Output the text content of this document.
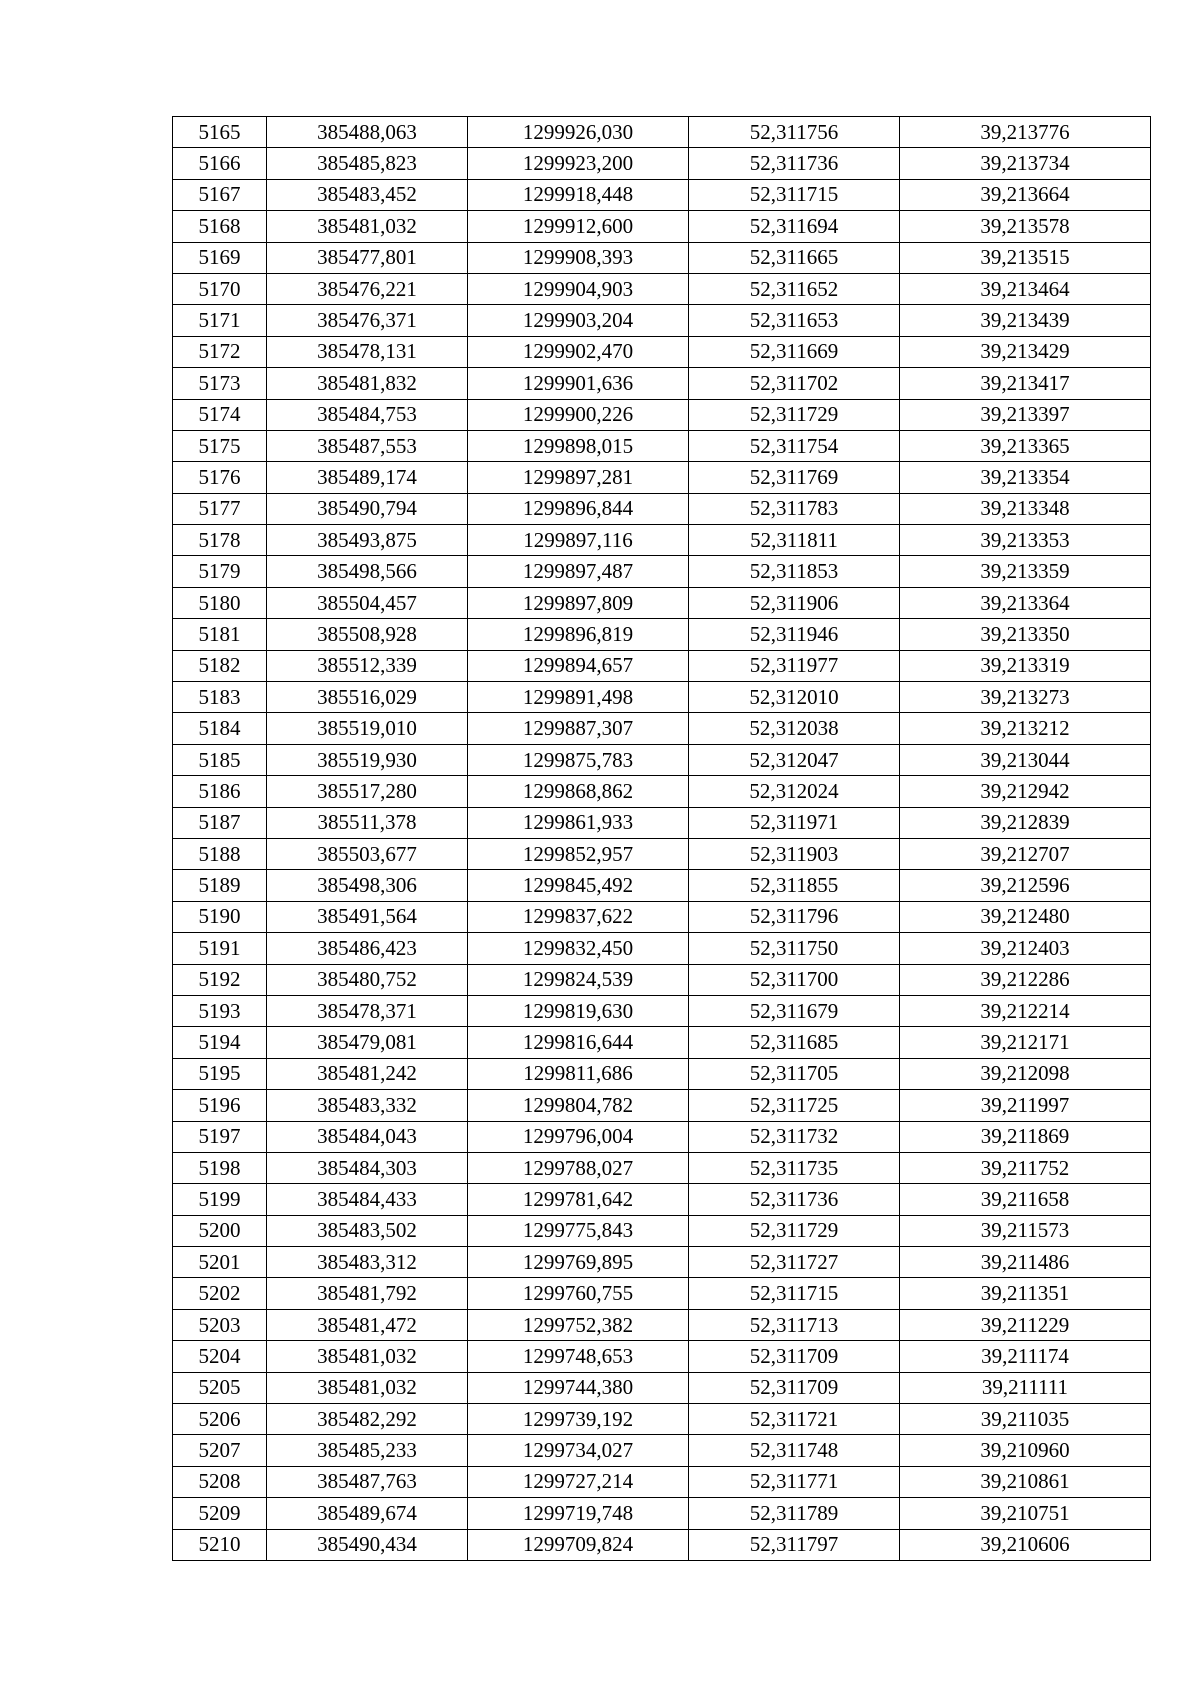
5165	385488,063	1299926,030	52,311756	39,213776
5166	385485,823	1299923,200	52,311736	39,213734
5167	385483,452	1299918,448	52,311715	39,213664
5168	385481,032	1299912,600	52,311694	39,213578
5169	385477,801	1299908,393	52,311665	39,213515
5170	385476,221	1299904,903	52,311652	39,213464
5171	385476,371	1299903,204	52,311653	39,213439
5172	385478,131	1299902,470	52,311669	39,213429
5173	385481,832	1299901,636	52,311702	39,213417
5174	385484,753	1299900,226	52,311729	39,213397
5175	385487,553	1299898,015	52,311754	39,213365
5176	385489,174	1299897,281	52,311769	39,213354
5177	385490,794	1299896,844	52,311783	39,213348
5178	385493,875	1299897,116	52,311811	39,213353
5179	385498,566	1299897,487	52,311853	39,213359
5180	385504,457	1299897,809	52,311906	39,213364
5181	385508,928	1299896,819	52,311946	39,213350
5182	385512,339	1299894,657	52,311977	39,213319
5183	385516,029	1299891,498	52,312010	39,213273
5184	385519,010	1299887,307	52,312038	39,213212
5185	385519,930	1299875,783	52,312047	39,213044
5186	385517,280	1299868,862	52,312024	39,212942
5187	385511,378	1299861,933	52,311971	39,212839
5188	385503,677	1299852,957	52,311903	39,212707
5189	385498,306	1299845,492	52,311855	39,212596
5190	385491,564	1299837,622	52,311796	39,212480
5191	385486,423	1299832,450	52,311750	39,212403
5192	385480,752	1299824,539	52,311700	39,212286
5193	385478,371	1299819,630	52,311679	39,212214
5194	385479,081	1299816,644	52,311685	39,212171
5195	385481,242	1299811,686	52,311705	39,212098
5196	385483,332	1299804,782	52,311725	39,211997
5197	385484,043	1299796,004	52,311732	39,211869
5198	385484,303	1299788,027	52,311735	39,211752
5199	385484,433	1299781,642	52,311736	39,211658
5200	385483,502	1299775,843	52,311729	39,211573
5201	385483,312	1299769,895	52,311727	39,211486
5202	385481,792	1299760,755	52,311715	39,211351
5203	385481,472	1299752,382	52,311713	39,211229
5204	385481,032	1299748,653	52,311709	39,211174
5205	385481,032	1299744,380	52,311709	39,211111
5206	385482,292	1299739,192	52,311721	39,211035
5207	385485,233	1299734,027	52,311748	39,210960
5208	385487,763	1299727,214	52,311771	39,210861
5209	385489,674	1299719,748	52,311789	39,210751
5210	385490,434	1299709,824	52,311797	39,210606
